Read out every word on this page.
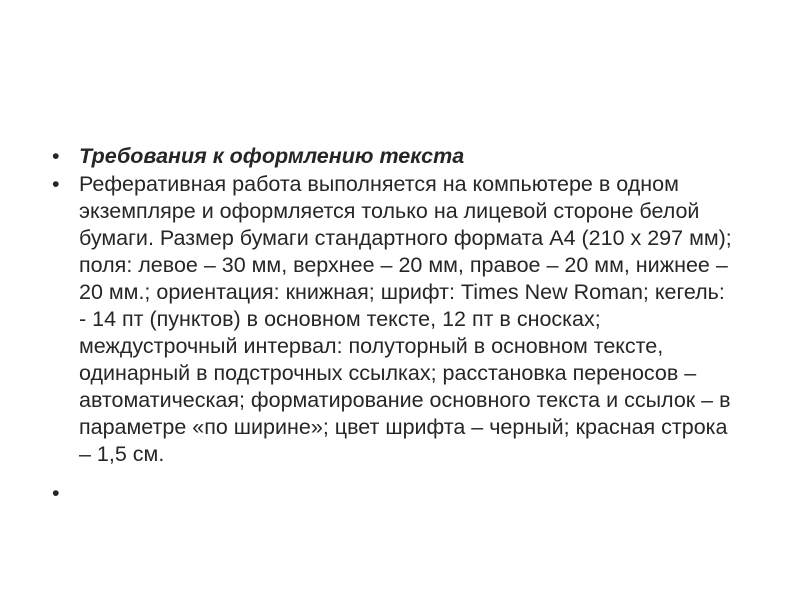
• Требования к оформлению текста
• Реферативная работа выполняется на компьютере в одном экземпляре и оформляется только на лицевой стороне белой бумаги. Размер бумаги стандартного формата А4 (210 х 297 мм); поля: левое – 30 мм, верхнее – 20 мм, правое – 20 мм, нижнее – 20 мм.; ориентация: книжная; шрифт: Times New Roman; кегель: - 14 пт (пунктов) в основном тексте, 12 пт в сносках; междустрочный интервал: полуторный в основном тексте, одинарный в подстрочных ссылках; расстановка переносов – автоматическая; форматирование основного текста и ссылок – в параметре «по ширине»; цвет шрифта – черный; красная строка – 1,5 см.
•
